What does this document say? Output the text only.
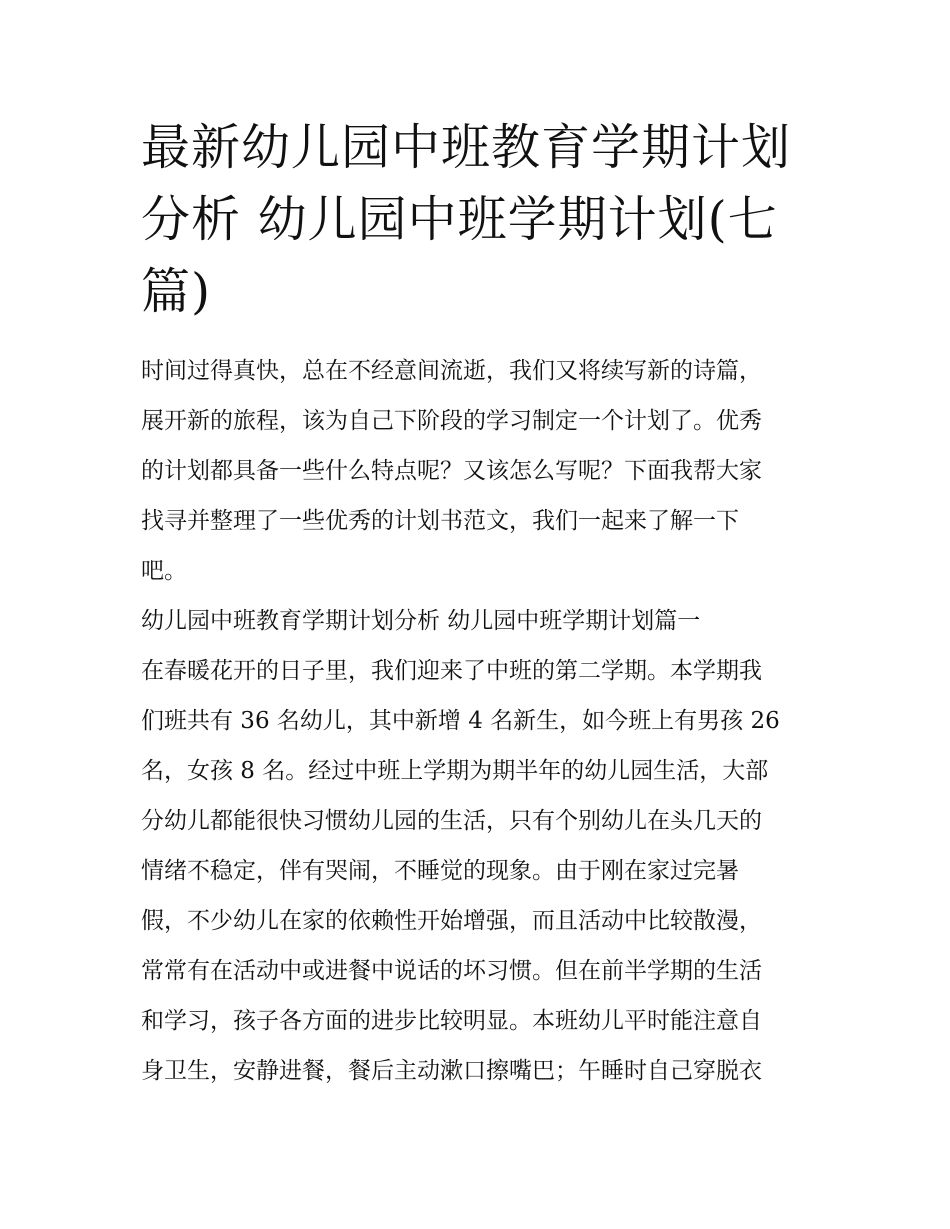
最新幼儿园中班教育学期计划
分析 幼儿园中班学期计划(七
篇)
时间过得真快，总在不经意间流逝，我们又将续写新的诗篇，
展开新的旅程，该为自己下阶段的学习制定一个计划了。优秀
的计划都具备一些什么特点呢？又该怎么写呢？下面我帮大家
找寻并整理了一些优秀的计划书范文，我们一起来了解一下
吧。
幼儿园中班教育学期计划分析 幼儿园中班学期计划篇一
在春暖花开的日子里，我们迎来了中班的第二学期。本学期我
们班共有 36 名幼儿，其中新增 4 名新生，如今班上有男孩 26
名，女孩 8 名。经过中班上学期为期半年的幼儿园生活，大部
分幼儿都能很快习惯幼儿园的生活，只有个别幼儿在头几天的
情绪不稳定，伴有哭闹，不睡觉的现象。由于刚在家过完暑
假，不少幼儿在家的依赖性开始增强，而且活动中比较散漫，
常常有在活动中或进餐中说话的坏习惯。但在前半学期的生活
和学习，孩子各方面的进步比较明显。本班幼儿平时能注意自
身卫生，安静进餐，餐后主动漱口擦嘴巴；午睡时自己穿脱衣
